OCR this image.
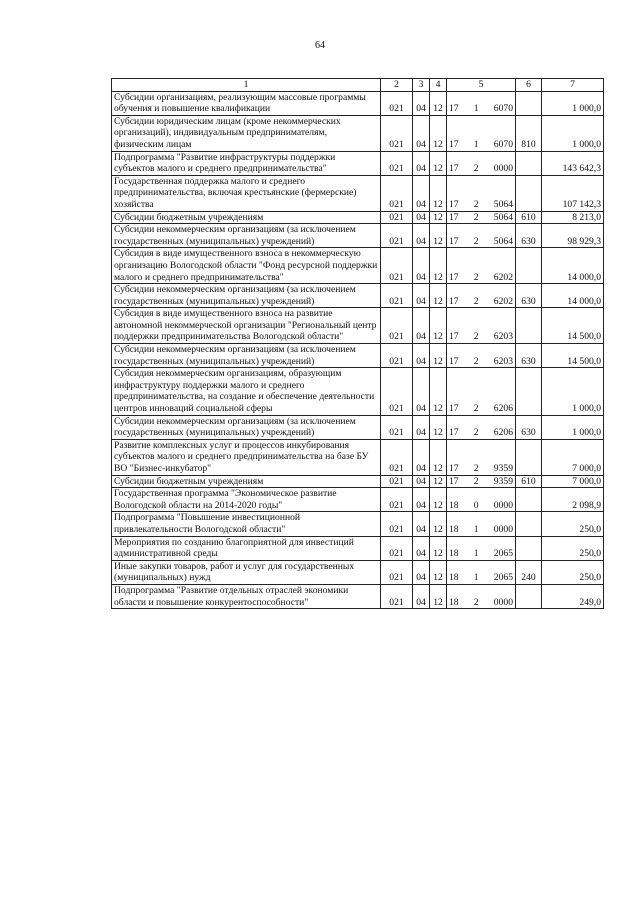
64
1	2	3	4	5	6	7
Субсидии организациям, реализующим массовые программы обучения и повышение квалификации	021	04	12	17 1 6070		1 000,0
Субсидии юридическим лицам (кроме некоммерческих организаций), индивидуальным предпринимателям, физическим лицам	021	04	12	17 1 6070	810	1 000,0
Подпрограмма "Развитие инфраструктуры поддержки субъектов малого и среднего предпринимательства"	021	04	12	17 2 0000		143 642,3
Государственная поддержка малого и среднего предпринимательства, включая крестьянские (фермерские) хозяйства	021	04	12	17 2 5064		107 142,3
Субсидии бюджетным учреждениям	021	04	12	17 2 5064	610	8 213,0
Субсидии некоммерческим организациям (за исключением государственных (муниципальных) учреждений)	021	04	12	17 2 5064	630	98 929,3
Субсидия в виде имущественного взноса в некоммерческую организацию Вологодской области "Фонд ресурсной поддержки малого и среднего предпринимательства"	021	04	12	17 2 6202		14 000,0
Субсидии некоммерческим организациям (за исключением государственных (муниципальных) учреждений)	021	04	12	17 2 6202	630	14 000,0
Субсидия в виде имущественного взноса на развитие автономной некоммерческой организации "Региональный центр поддержки предпринимательства Вологодской области"	021	04	12	17 2 6203		14 500,0
Субсидии некоммерческим организациям (за исключением государственных (муниципальных) учреждений)	021	04	12	17 2 6203	630	14 500,0
Субсидия некоммерческим организациям, образующим инфраструктуру поддержки малого и среднего предпринимательства, на создание и обеспечение деятельности центров инноваций социальной сферы	021	04	12	17 2 6206		1 000,0
Субсидии некоммерческим организациям (за исключением государственных (муниципальных) учреждений)	021	04	12	17 2 6206	630	1 000,0
Развитие комплексных услуг и процессов инкубирования субъектов малого и среднего предпринимательства на базе БУ ВО "Бизнес-инкубатор"	021	04	12	17 2 9359		7 000,0
Субсидии бюджетным учреждениям	021	04	12	17 2 9359	610	7 000,0
Государственная программа "Экономическое развитие Вологодской области на 2014-2020 годы"	021	04	12	18 0 0000		2 098,9
Подпрограмма "Повышение инвестиционной привлекательности Вологодской области"	021	04	12	18 1 0000		250,0
Мероприятия по созданию благоприятной для инвестиций административной среды	021	04	12	18 1 2065		250,0
Иные закупки товаров, работ и услуг для государственных (муниципальных) нужд	021	04	12	18 1 2065	240	250,0
Подпрограмма "Развитие отдельных отраслей экономики области и повышение конкурентоспособности"	021	04	12	18 2 0000		249,0
